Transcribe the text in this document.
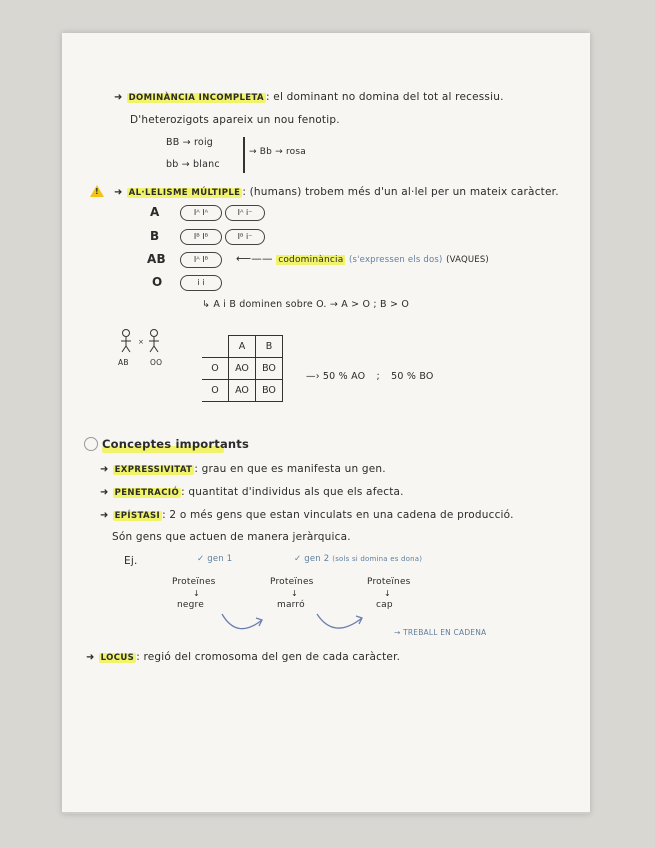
➜ DOMINÀNCIA INCOMPLETA : el dominant no domina del tot al recessiu.
D'heterozigots apareix un nou fenotip.
BB → roig
bb → blanc
→ Bb → rosa
! ➜ AL·LELISME MÚLTIPLE : (humans) trobem més d'un al·lel per un mateix caràcter.
A	Iᴬ Iᴬ	Iᴬ i⁻
B	Iᴮ Iᴮ	Iᴮ i⁻
AB	Iᴬ Iᴮ	⟵—— codominància (s'expressen els dos) (VAQUES)
O	i i
↳ A i B dominen sobre O. → A > O ; B > O
×
AB	OO
	A	B
O	AO	BO
O	AO	BO
—› 50 % AO ; 50 % BO
Conceptes importants
➜ EXPRESSIVITAT : grau en que es manifesta un gen.
➜ PENETRACIÓ : quantitat d'individus als que els afecta.
➜ EPÍSTASI : 2 o més gens que estan vinculats en una cadena de producció.
Són gens que actuen de manera jeràrquica.
Ej.	✓ gen 1	✓ gen 2 (sols si domina es dona)
Proteïnes
↓
negre
Proteïnes
↓
marró
Proteïnes
↓
cap
→ TREBALL EN CADENA
➜ LOCUS : regió del cromosoma del gen de cada caràcter.
